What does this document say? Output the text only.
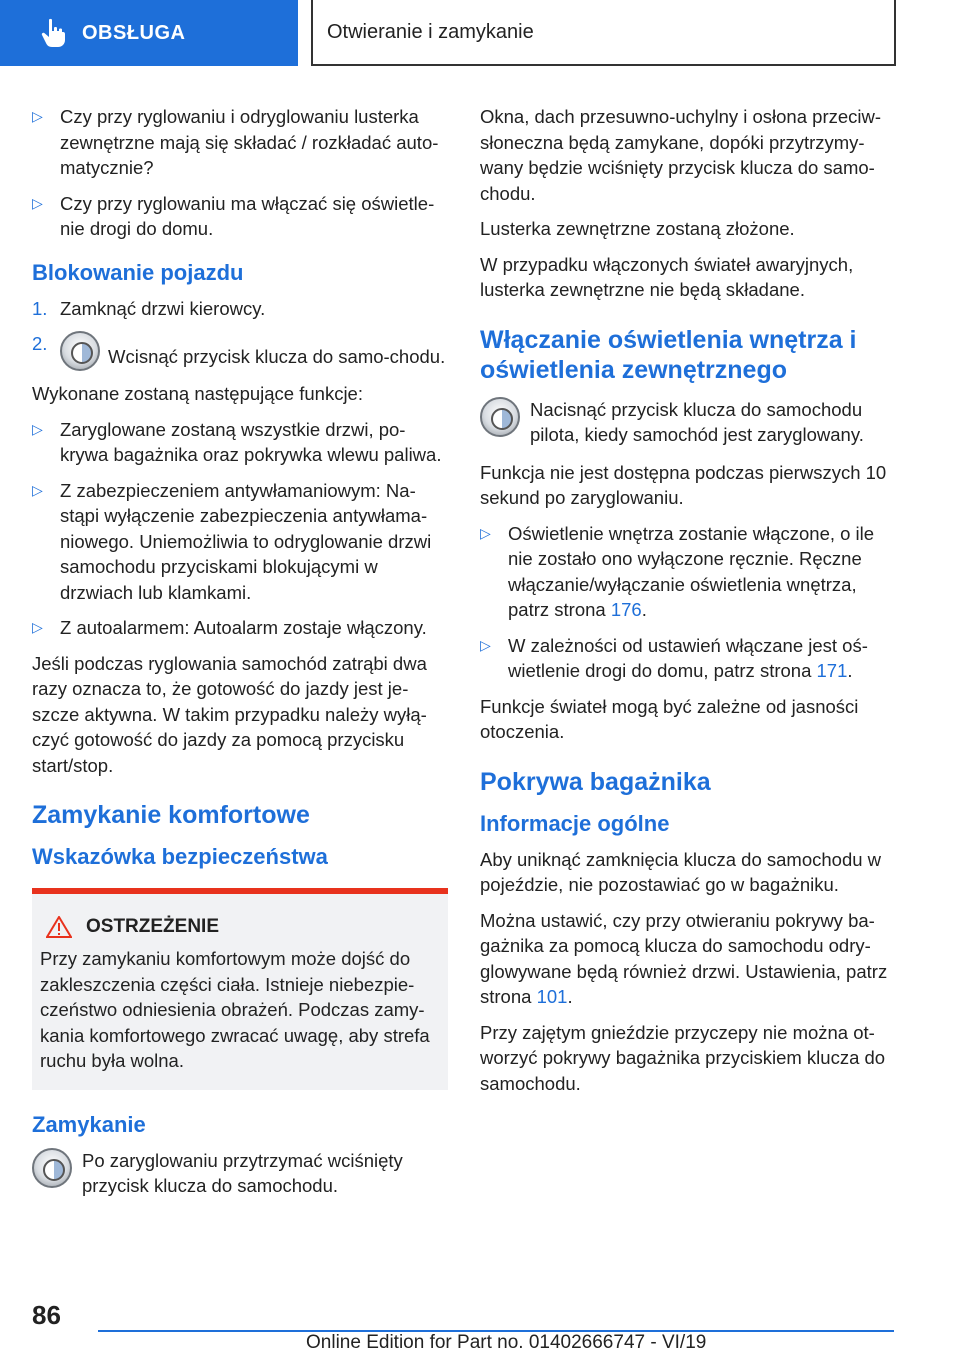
OBSŁUGA	Otwieranie i zamykanie
▷ Czy przy ryglowaniu i odryglowaniu lusterka zewnętrzne mają się składać / rozkładać auto-matycznie?
▷ Czy przy ryglowaniu ma włączać się oświetle-nie drogi do domu.
Blokowanie pojazdu
1. Zamknąć drzwi kierowcy.
2.
Wcisnąć przycisk klucza do samo-chodu.

Wykonane zostaną następujące funkcje:

▷ Zaryglowane zostaną wszystkie drzwi, po-krywa bagażnika oraz pokrywka wlewu paliwa.
▷ Z zabezpieczeniem antywłamaniowym: Na-stąpi wyłączenie zabezpieczenia antywłama-niowego. Uniemożliwia to odryglowanie drzwi samochodu przyciskami blokującymi w drzwiach lub klamkami.
▷ Z autoalarmem: Autoalarm zostaje włączony.

Jeśli podczas ryglowania samochód zatrąbi dwa razy oznacza to, że gotowość do jazdy jest je-szcze aktywna. W takim przypadku należy wyłą-czyć gotowość do jazdy za pomocą przycisku start/stop.

Zamykanie komfortowe
Wskazówka bezpieczeństwa
OSTRZEŻENIE

Przy zamykaniu komfortowym może dojść do zakleszczenia części ciała. Istnieje niebezpie-czeństwo odniesienia obrażeń. Podczas zamy-kania komfortowego zwracać uwagę, aby strefa ruchu była wolna.

Zamykanie
Po zaryglowaniu przytrzymać wciśnięty przycisk klucza do samochodu.

Okna, dach przesuwno-uchylny i osłona przeciw-słoneczna będą zamykane, dopóki przytrzymy-wany będzie wciśnięty przycisk klucza do samo-chodu.

Lusterka zewnętrzne zostaną złożone.

W przypadku włączonych świateł awaryjnych, lusterka zewnętrzne nie będą składane.

Włączanie oświetlenia wnętrza i oświetlenia zewnętrznego
Nacisnąć przycisk klucza do samochodu pilota, kiedy samochód jest zaryglowany.

Funkcja nie jest dostępna podczas pierwszych 10 sekund po zaryglowaniu.

▷ Oświetlenie wnętrza zostanie włączone, o ile nie zostało ono wyłączone ręcznie. Ręczne włączanie/wyłączanie oświetlenia wnętrza, patrz strona 176.
▷ W zależności od ustawień włączane jest oś-wietlenie drogi do domu, patrz strona 171.

Funkcje świateł mogą być zależne od jasności otoczenia.

Pokrywa bagażnika
Informacje ogólne

Aby uniknąć zamknięcia klucza do samochodu w pojeździe, nie pozostawiać go w bagażniku.

Można ustawić, czy przy otwieraniu pokrywy ba-gażnika za pomocą klucza do samochodu odry-glowywane będą również drzwi. Ustawienia, patrz strona 101.

Przy zajętym gnieździe przyczepy nie można ot-worzyć pokrywy bagażnika przyciskiem klucza do samochodu.

86
Online Edition for Part no. 01402666747 - VI/19
